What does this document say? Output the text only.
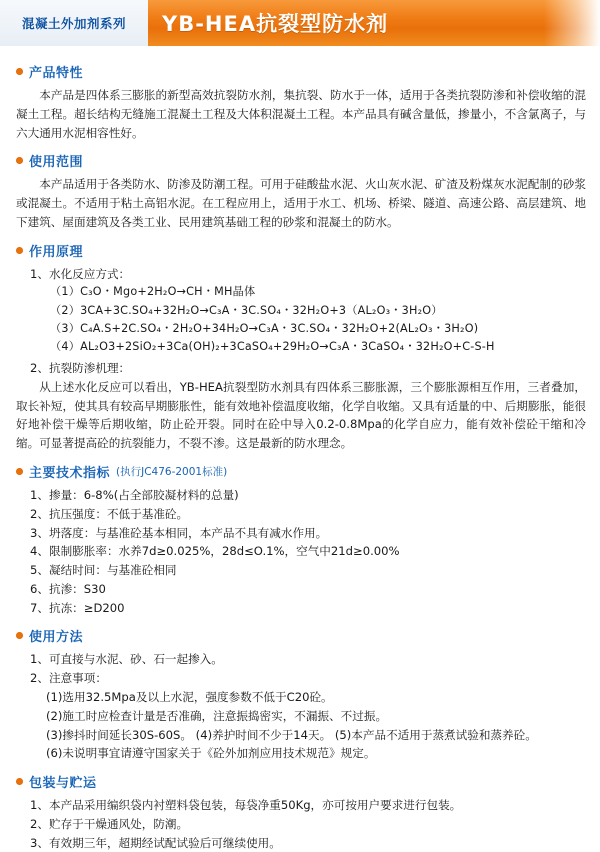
混凝土外加剂系列	YB-HEA抗裂型防水剂
产品特性

本产品是四体系三膨胀的新型高效抗裂防水剂，集抗裂、防水于一体，适用于各类抗裂防渗和补偿收缩的混凝土工程。超长结构无缝施工混凝土工程及大体积混凝土工程。本产品具有碱含量低，掺量小，不含氯离子，与六大通用水泥相容性好。

使用范围

本产品适用于各类防水、防渗及防潮工程。可用于硅酸盐水泥、火山灰水泥、矿渣及粉煤灰水泥配制的砂浆或混凝土。不适用于粘土高铝水泥。在工程应用上，适用于水工、机场、桥梁、隧道、高速公路、高层建筑、地下建筑、屋面建筑及各类工业、民用建筑基础工程的砂浆和混凝土的防水。

作用原理

1、水化反应方式：

（1）C₃O・Mgo+2H₂O→CH・MH晶体

（2）3CA+3C.SO₄+32H₂O→C₃A・3C.SO₄・32H₂O+3（AL₂O₃・3H₂O）

（3）C₄A.S+2C.SO₄・2H₂O+34H₂O→C₃A・3C.SO₄・32H₂O+2(AL₂O₃・3H₂O)

（4）AL₂O3+2SiO₂+3Ca(OH)₂+3CaSO₄+29H₂O→C₃A・3CaSO₄・32H₂O+C-S-H

2、抗裂防渗机理：

从上述水化反应可以看出，YB-HEA抗裂型防水剂具有四体系三膨胀源，三个膨胀源相互作用，三者叠加，取长补短，使其具有较高早期膨胀性，能有效地补偿温度收缩，化学自收缩。又具有适量的中、后期膨胀，能很好地补偿干燥等后期收缩，防止砼开裂。同时在砼中导入0.2-0.8Mpa的化学自应力，能有效补偿砼干缩和冷缩。可显著提高砼的抗裂能力，不裂不渗。这是最新的防水理念。

主要技术指标 (执行JC476-2001标准)

1、掺量：6-8%(占全部胶凝材料的总量)

2、抗压强度：不低于基准砼。

3、坍落度：与基准砼基本相同，本产品不具有减水作用。

4、限制膨胀率：水养7d≥0.025%，28d≤O.1%，空气中21d≥0.00%

5、凝结时间：与基准砼相同

6、抗渗：S30

7、抗冻：≥D200

使用方法

1、可直接与水泥、砂、石一起掺入。

2、注意事项：

(1)选用32.5Mpa及以上水泥，强度参数不低于C20砼。

(2)施工时应检查计量是否准确，注意振捣密实，不漏振、不过振。

(3)掺抖时间延长30S-60S。 (4)养护时间不少于14天。 (5)本产品不适用于蒸煮试验和蒸养砼。

(6)未说明事宜请遵守国家关于《砼外加剂应用技术规范》规定。

包装与贮运

1、本产品采用编织袋内衬塑料袋包装，每袋净重50Kg，亦可按用户要求进行包装。

2、贮存于干燥通风处，防潮。

3、有效期三年，超期经试配试验后可继续使用。
